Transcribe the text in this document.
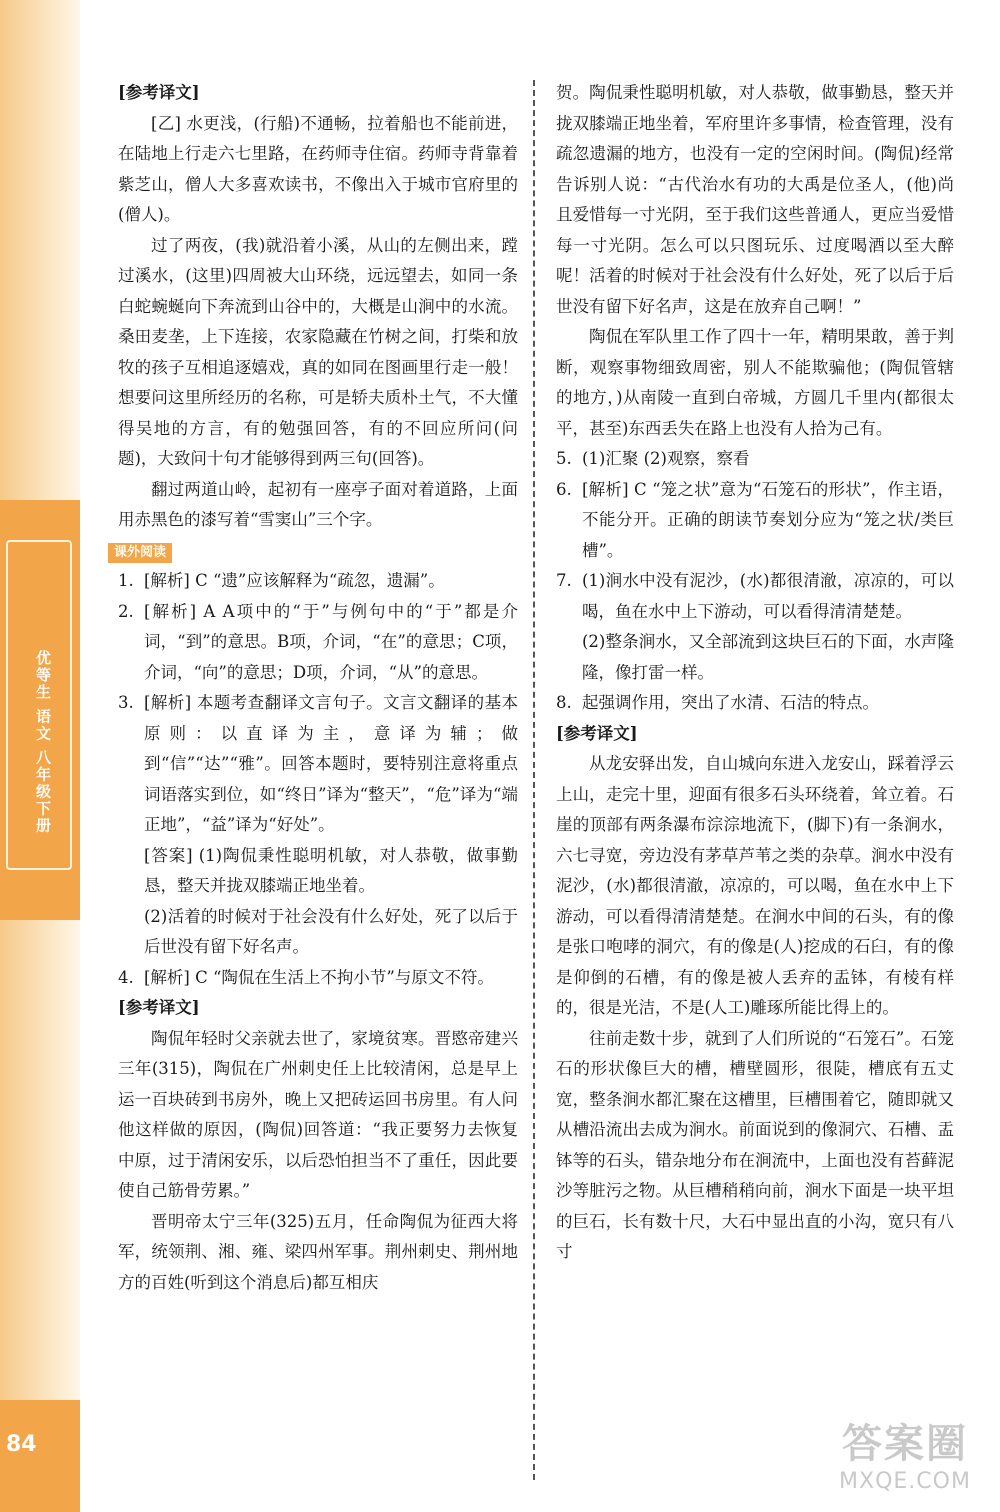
优等生 语文 八年级下册
84

[参考译文]

[乙] 水更浅，(行船)不通畅，拉着船也不能前进，在陆地上行走六七里路，在药师寺住宿。药师寺背靠着紫芝山，僧人大多喜欢读书，不像出入于城市官府里的(僧人)。

过了两夜，(我)就沿着小溪，从山的左侧出来，蹚过溪水，(这里)四周被大山环绕，远远望去，如同一条白蛇蜿蜒向下奔流到山谷中的，大概是山涧中的水流。桑田麦垄，上下连接，农家隐藏在竹树之间，打柴和放牧的孩子互相追逐嬉戏，真的如同在图画里行走一般！想要问这里所经历的名称，可是轿夫质朴土气，不大懂得吴地的方言，有的勉强回答，有的不回应所问(问题)，大致问十句才能够得到两三句(回答)。

翻过两道山岭，起初有一座亭子面对着道路，上面用赤黑色的漆写着“雪窦山”三个字。

课外阅读
1. [解析] C “遗”应该解释为“疏忽，遗漏”。
2. [解析] A A项中的“于”与例句中的“于”都是介词，“到”的意思。B项，介词，“在”的意思；C项，介词，“向”的意思；D项，介词，“从”的意思。
3. [解析] 本题考查翻译文言句子。文言文翻译的基本原则：以直译为主，意译为辅；做到“信”“达”“雅”。回答本题时，要特别注意将重点词语落实到位，如“终日”译为“整天”，“危”译为“端正地”，“益”译为“好处”。

[答案] (1)陶侃秉性聪明机敏，对人恭敬，做事勤恳，整天并拢双膝端正地坐着。

(2)活着的时候对于社会没有什么好处，死了以后于后世没有留下好名声。

4. [解析] C “陶侃在生活上不拘小节”与原文不符。

[参考译文]

陶侃年轻时父亲就去世了，家境贫寒。晋愍帝建兴三年(315)，陶侃在广州刺史任上比较清闲，总是早上运一百块砖到书房外，晚上又把砖运回书房里。有人问他这样做的原因，(陶侃)回答道：“我正要努力去恢复中原，过于清闲安乐，以后恐怕担当不了重任，因此要使自己筋骨劳累。”

晋明帝太宁三年(325)五月，任命陶侃为征西大将军，统领荆、湘、雍、梁四州军事。荆州刺史、荆州地方的百姓(听到这个消息后)都互相庆

贺。陶侃秉性聪明机敏，对人恭敬，做事勤恳，整天并拢双膝端正地坐着，军府里许多事情，检查管理，没有疏忽遗漏的地方，也没有一定的空闲时间。(陶侃)经常告诉别人说：“古代治水有功的大禹是位圣人，(他)尚且爱惜每一寸光阴，至于我们这些普通人，更应当爱惜每一寸光阴。怎么可以只图玩乐、过度喝酒以至大醉呢！活着的时候对于社会没有什么好处，死了以后于后世没有留下好名声，这是在放弃自己啊！”

陶侃在军队里工作了四十一年，精明果敢，善于判断，观察事物细致周密，别人不能欺骗他；(陶侃管辖的地方，)从南陵一直到白帝城，方圆几千里内(都很太平，甚至)东西丢失在路上也没有人拾为己有。

5. (1)汇聚 (2)观察，察看
6. [解析] C “笼之状”意为“石笼石的形状”，作主语，不能分开。正确的朗读节奏划分应为“笼之状/类巨槽”。
7. (1)涧水中没有泥沙，(水)都很清澈，凉凉的，可以喝，鱼在水中上下游动，可以看得清清楚楚。

(2)整条涧水，又全部流到这块巨石的下面，水声隆隆，像打雷一样。

8. 起强调作用，突出了水清、石洁的特点。

[参考译文]

从龙安驿出发，自山城向东进入龙安山，踩着浮云上山，走完十里，迎面有很多石头环绕着，耸立着。石崖的顶部有两条瀑布淙淙地流下，(脚下)有一条涧水，六七寻宽，旁边没有茅草芦苇之类的杂草。涧水中没有泥沙，(水)都很清澈，凉凉的，可以喝，鱼在水中上下游动，可以看得清清楚楚。在涧水中间的石头，有的像是张口咆哮的洞穴，有的像是(人)挖成的石臼，有的像是仰倒的石槽，有的像是被人丢弃的盂钵，有棱有样的，很是光洁，不是(人工)雕琢所能比得上的。

往前走数十步，就到了人们所说的“石笼石”。石笼石的形状像巨大的槽，槽壁圆形，很陡，槽底有五丈宽，整条涧水都汇聚在这槽里，巨槽围着它，随即就又从槽沿流出去成为涧水。前面说到的像洞穴、石槽、盂钵等的石头，错杂地分布在涧流中，上面也没有苔藓泥沙等脏污之物。从巨槽稍稍向前，涧水下面是一块平坦的巨石，长有数十尺，大石中显出直的小沟，宽只有八寸

答案圈
MXQE.COM
